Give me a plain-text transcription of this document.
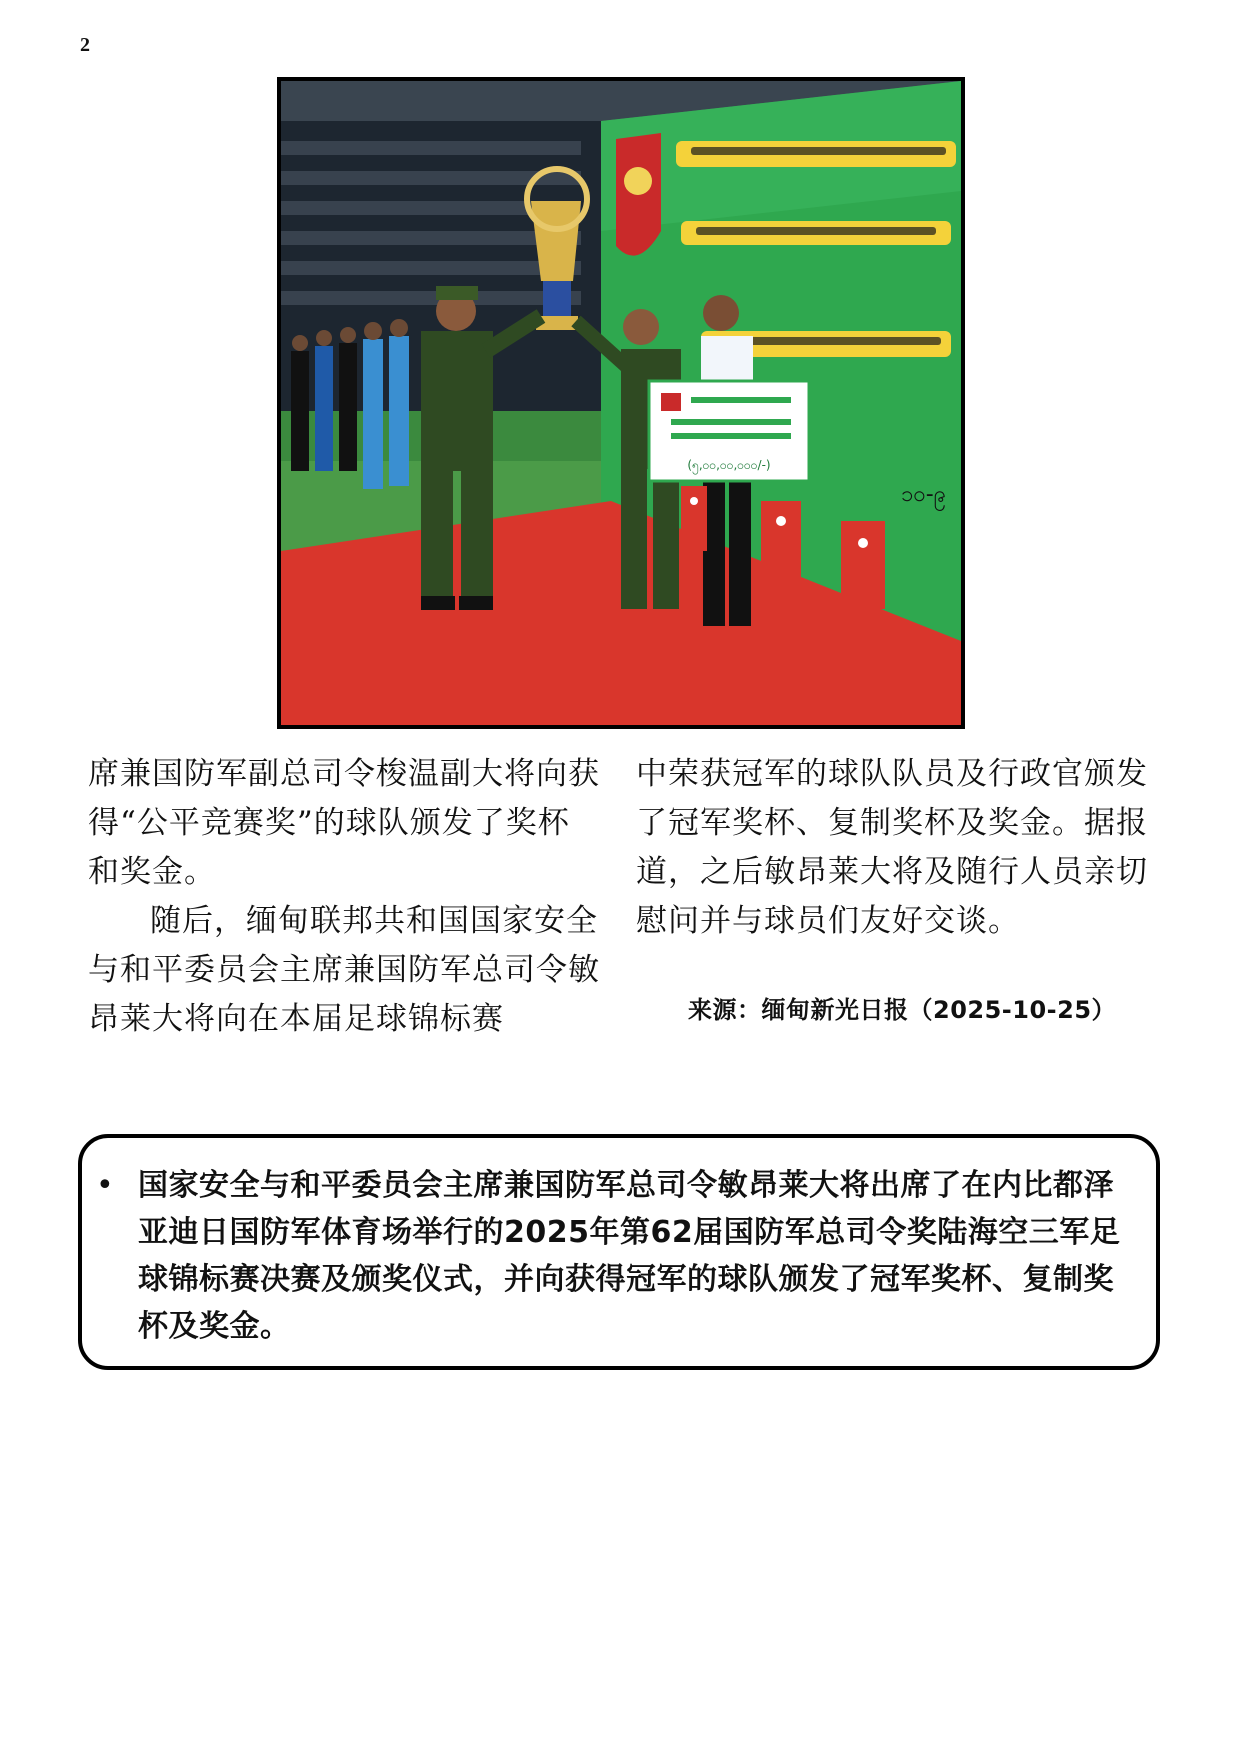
2
(၅,၀၀,၀၀,၀၀၀/-)
၁၀-၉

席兼国防军副总司令梭温副大将向获得“公平竞赛奖”的球队颁发了奖杯和奖金。

随后，缅甸联邦共和国国家安全与和平委员会主席兼国防军总司令敏昂莱大将向在本届足球锦标赛

中荣获冠军的球队队员及行政官颁发了冠军奖杯、复制奖杯及奖金。据报道，之后敏昂莱大将及随行人员亲切慰问并与球员们友好交谈。

来源：缅甸新光日报（2025-10-25）
• 国家安全与和平委员会主席兼国防军总司令敏昂莱大将出席了在内比都泽亚迪日国防军体育场举行的2025年第62届国防军总司令奖陆海空三军足球锦标赛决赛及颁奖仪式，并向获得冠军的球队颁发了冠军奖杯、复制奖杯及奖金。
